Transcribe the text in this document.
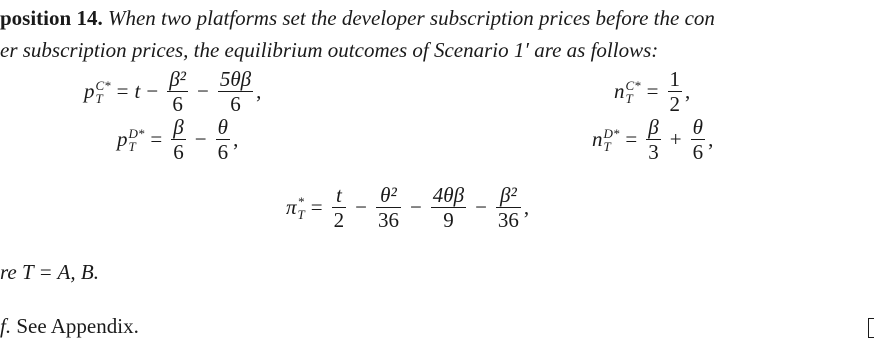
position 14. When two platforms set the developer subscription prices before the con
er subscription prices, the equilibrium outcomes of Scenario 1′ are as follows:
p C*
$T = t - \frac{\text{β²}}{6} - \frac{5\theta\beta}{6}$ ,	n C*
$T = \frac{1}{2}$ ,
p D*
$T = \frac{\beta}{6} - \frac{\theta}{6}$ ,	n D*
$T = \frac{\beta}{3} + \frac{\theta}{6}$ ,
π *
$T = \frac{t}{2} - \frac{\text{θ²}}{36} - \frac{4\theta\beta}{9} - \frac{\text{β²}}{36}$ ,
re T = A, B.
f. See Appendix.
